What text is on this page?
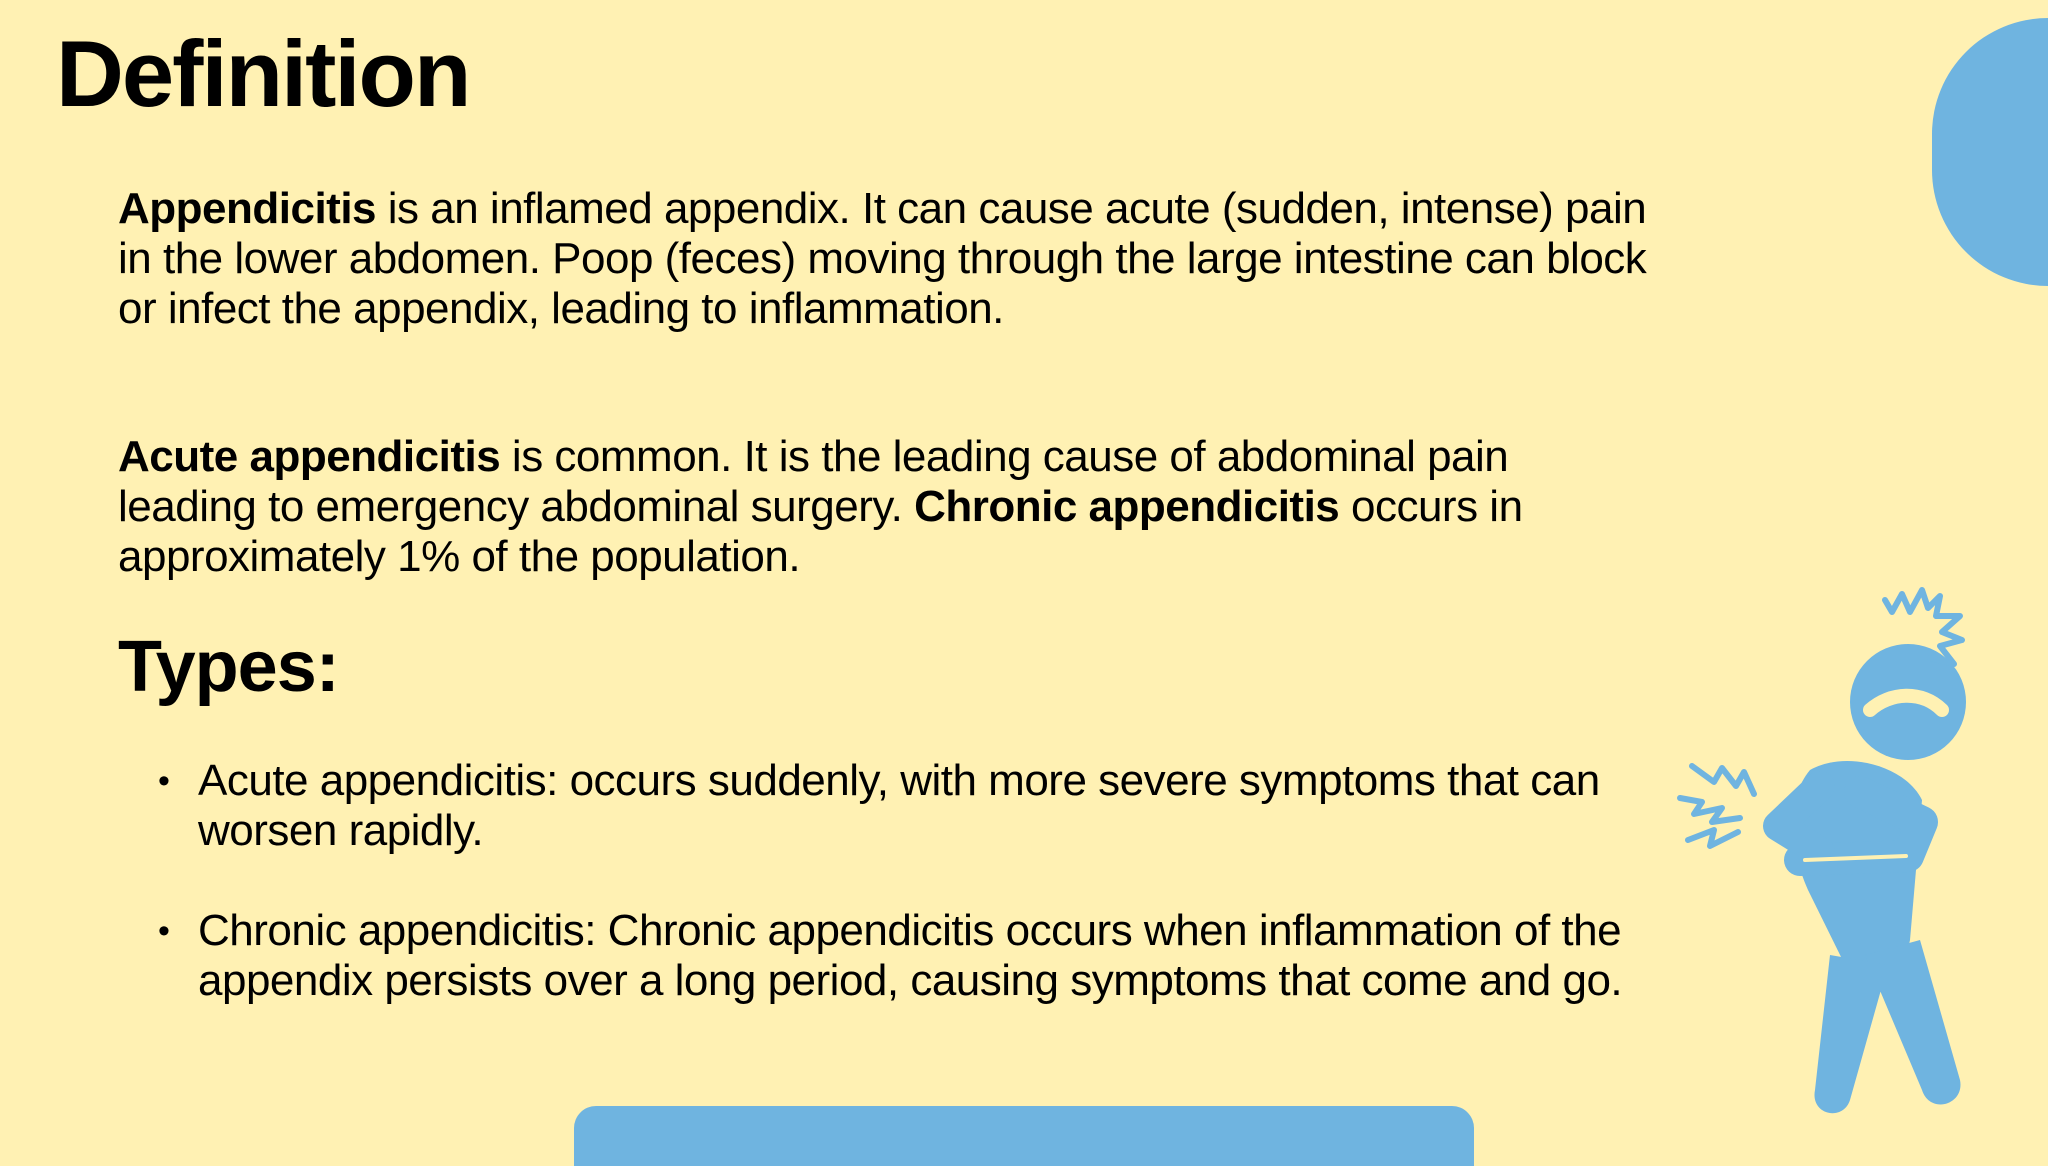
Definition

Appendicitis is an inflamed appendix. It can cause acute (sudden, intense) pain in the lower abdomen. Poop (feces) moving through the large intestine can block or infect the appendix, leading to inflammation.

Acute appendicitis is common. It is the leading cause of abdominal pain leading to emergency abdominal surgery. Chronic appendicitis occurs in approximately 1% of the population.

Types:
• Acute appendicitis: occurs suddenly, with more severe symptoms that can worsen rapidly.
• Chronic appendicitis: Chronic appendicitis occurs when inflammation of the appendix persists over a long period, causing symptoms that come and go.
